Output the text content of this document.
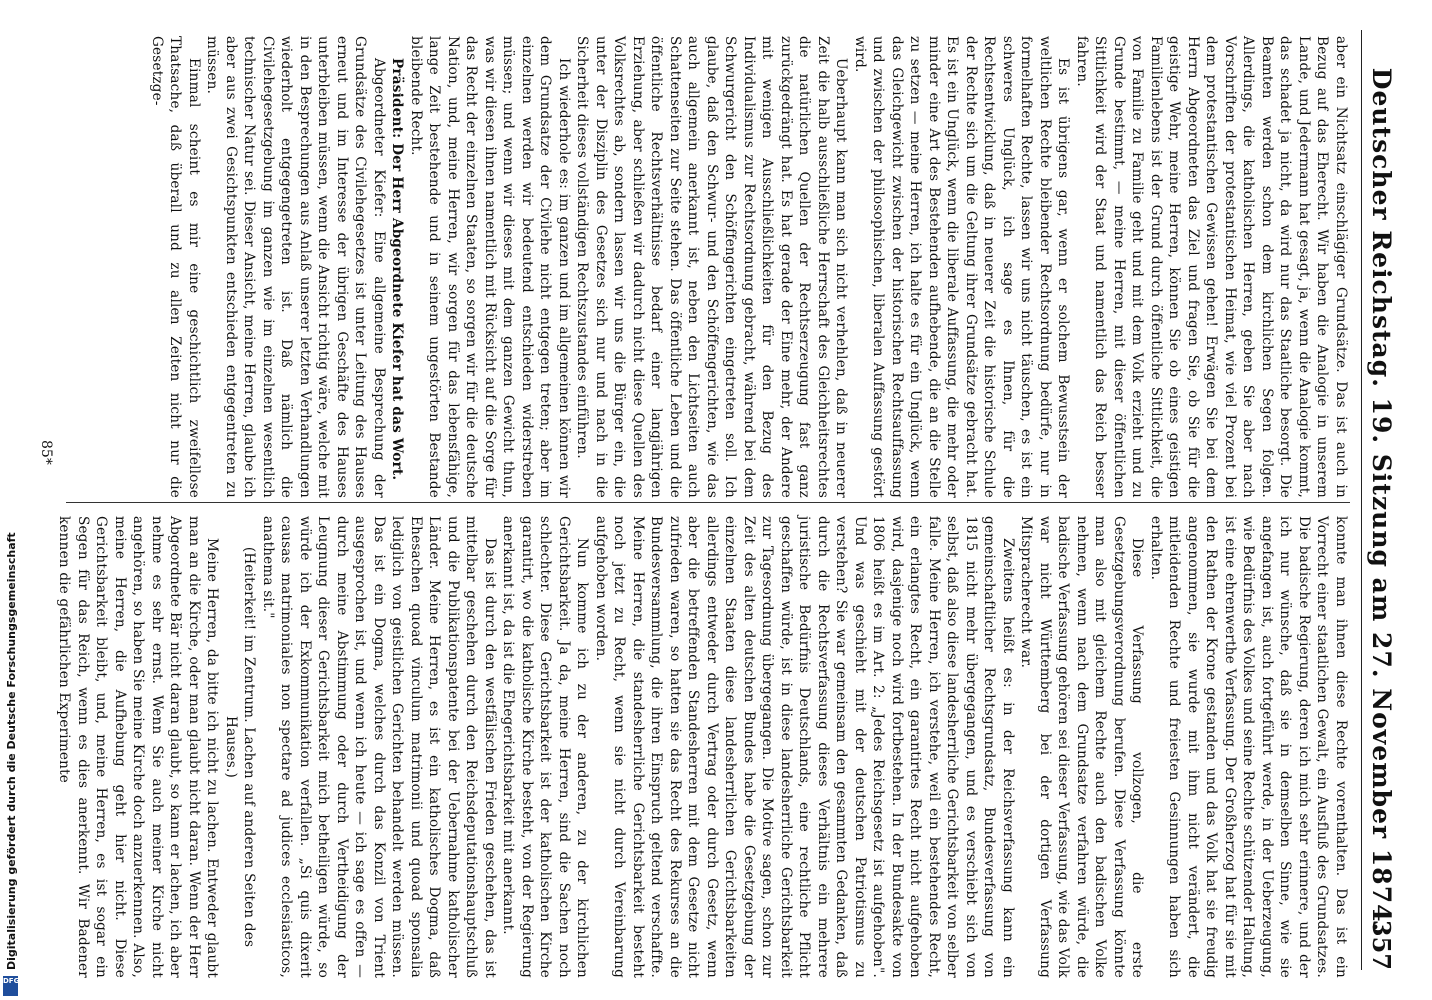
Deutscher Reichstag. 19. Sitzung am 27. November 1874.
357

aber ein Nichtsatz einschlägiger Grundsätze. Das ist auch in Bezug auf das Eherecht. Wir haben die Analogie in unserem Lande, und Jedermann hat gesagt, ja, wenn die Analogie kommt, das schadet ja nicht, da wird nur das Staatliche besorgt. Die Beamten werden schon dem kirchlichen Segen folgen. Allerdings, die katholischen Herren, geben Sie aber nach Vorschriften der protestantischen Heimat, wie viel Prozent bei dem protestantischen Gewissen gehen! Erwägen Sie bei dem Herrn Abgeordneten das Ziel und fragen Sie, ob Sie für die geistige Wehr, meine Herren, können Sie ob eines geistigen Familienlebens ist der Grund durch öffentliche Sittlichkeit, die von Familie zu Familie geht und mit dem Volk erzieht und zu Grunde bestimmt, — meine Herren, mit dieser öffentlichen Sittlichkeit wird der Staat und namentlich das Reich besser fahren.

Es ist übrigens gar, wenn er solchem Bewusstsein der weltlichen Rechte bleibender Rechtsordnung bedürfe, nur in formelhaften Rechte, lassen wir uns nicht täuschen, es ist ein schweres Unglück, ich sage es Ihnen, für die Rechtsentwicklung, daß in neuerer Zeit die historische Schule der Rechte sich um die Geltung ihrer Grundsätze gebracht hat. Es ist ein Unglück, wenn die liberale Auffassung, die mehr oder minder eine Art des Bestehenden aufhebende, die an die Stelle zu setzen — meine Herren, ich halte es für ein Unglück, wenn das Gleichgewicht zwischen der historischen Rechtsauffassung und zwischen der philosophischen, liberalen Auffassung gestört wird.

Ueberhaupt kann man sich nicht verhehlen, daß in neuerer Zeit die halb ausschließliche Herrschaft des Gleichheitsrechtes die natürlichen Quellen der Rechtserzeugung fast ganz zurückgedrängt hat. Es hat gerade der Eine mehr, der Andere mit wenigen Ausschließlichkeiten für den Bezug des Individualismus zur Rechtsordnung gebracht, während bei dem Schwurgericht den Schöffengerichten eingetreten soll. Ich glaube, daß den Schwur- und den Schöffengerichten, wie das auch allgemein anerkannt ist, neben den Lichtseiten auch Schattenseiten zur Seite stehen. Das öffentliche Leben und die öffentliche Rechtsverhältnisse bedarf einer langjährigen Erziehung, aber schließen wir dadurch nicht diese Quellen des Volksrechtes ab, sondern lassen wir uns die Bürger ein, die unter der Disziplin des Gesetzes sich nur und nach in die Sicherheit dieses vollständigen Rechtszustandes einführen.

Ich wiederhole es: im ganzen und im allgemeinen können wir dem Grundsatze der Civilehe nicht entgegen treten; aber im einzelnen werden wir bedeutend entschieden widerstreben müssen; und wenn wir dieses mit dem ganzen Gewicht thun, was wir diesen ihnen namentlich mit Rücksicht auf die Sorge für das Recht der einzelnen Staaten, so sorgen wir für die deutsche Nation, und, meine Herren, wir sorgen für das lebensfähige, lange Zeit bestehende und in seinem ungestörten Bestande bleibende Recht.

Präsident: Der Herr Abgeordnete Kiefer hat das Wort.

Abgeordneter Kiefer: Eine allgemeine Besprechung der Grundsätze des Civilehegesetzes ist unter Leitung des Hauses erneut und im Interesse der übrigen Geschäfte des Hauses unterbleiben müssen, wenn die Ansicht richtig wäre, welche mit in den Besprechungen aus Anlaß unserer letzten Verhandlungen wiederholt entgegengetreten ist. Daß nämlich die Civilehegesetzgebung im ganzen wie im einzelnen wesentlich technischer Natur sei. Dieser Ansicht, meine Herren, glaube ich aber aus zwei Gesichtspunkten entschieden entgegentreten zu müssen.

Einmal scheint es mir eine geschichtlich zweifellose Thatsache, daß überall und zu allen Zeiten nicht nur die Gesetzge-

konnte man ihnen diese Rechte vorenthalten. Das ist ein Vorrecht einer staatlichen Gewalt, ein Ausfluß des Grundsatzes. Die badische Regierung, deren ich mich sehr erinnere, und der ich nur wünsche, daß sie in demselben Sinne, wie sie angefangen ist, auch fortgeführt werde, in der Ueberzeugung, wie Bedürfnis des Volkes und seine Rechte schützender Haltung, ist eine ehrenwerthe Verfassung. Der Großherzog hat für sie mit den Rathen der Krone gestanden und das Volk hat sie freudig angenommen, sie wurde mit ihm nicht verändert, die mitleidenden Rechte und freiesten Gesinnungen haben sich erhalten.

Diese Verfassung vollzogen, die erste Gesetzgebungsverordnung berufen. Diese Verfassung könnte man also mit gleichem Rechte auch den badischen Volke nehmen, wenn nach dem Grundsatze verfahren würde, die badische Verfassung gehören sei dieser Verfassung, wie das Volk war nicht Württemberg bei der dortigen Verfassung Mitspracherecht war.

Zweitens heißt es: in der Reichsverfassung kann ein gemeinschaftlicher Rechtsgrundsatz, Bundesverfassung von 1815 nicht mehr übergegangen, und es verschiebt sich von selbst, daß also diese landesherrliche Gerichtsbarkeit von selber falle. Meine Herren, ich verstehe, weil ein bestehendes Recht, ein erlangtes Recht, ein garantirtes Recht nicht aufgehoben wird, dasjenige noch wird fortbestehen. In der Bundesakte von 1806 heißt es im Art. 2: „Jedes Reichsgesetz ist aufgehoben". Und was geschieht mit der deutschen Patriotismus zu verstehen? Sie war gemeinsam den gesammten Gedanken, daß durch die Rechtsverfassung dieses Verhältnis ein mehrere juristische Bedürfnis Deutschlands, eine rechtliche Pflicht geschaffen würde, ist in diese landesherrliche Gerichtsbarkeit zur Tagesordnung übergegangen. Die Motive sagen, schon zur Zeit des alten deutschen Bundes habe die Gesetzgebung der einzelnen Staaten diese landesherrlichen Gerichtsbarkeiten allerdings entweder durch Vertrag oder durch Gesetz, wenn aber die betreffenden Standesherren mit dem Gesetze nicht zufrieden waren, so hatten sie das Recht des Rekurses an die Bundesversammlung, die ihren Einspruch geltend verschaffte. Meine Herren, die standesherrliche Gerichtsbarkeit besteht noch jetzt zu Recht, wenn sie nicht durch Vereinbarung aufgehoben worden.

Nun komme ich zu der anderen, zu der kirchlichen Gerichtsbarkeit. Ja da, meine Herren, sind die Sachen noch schlechter. Diese Gerichtsbarkeit ist der katholischen Kirche garantirt, wo die katholische Kirche besteht, von der Regierung anerkannt ist, da ist die Ehegerichtsbarkeit mit anerkannt.

Das ist durch den westfälischen Frieden geschehen, das ist mittelbar geschehen durch den Reichsdeputationshauptschluß und die Publikationspatente bei der Uebernahme katholischer Länder. Meine Herren, es ist ein katholisches Dogma, daß Ehesachen quoad vinculum matrimonii und quoad sponsalia lediglich von geistlichen Gerichten behandelt werden müssen. Das ist ein Dogma, welches durch das Konzil von Trient ausgesprochen ist, und wenn ich heute — ich sage es offen — durch meine Abstimmung oder durch Vertheidigung der Leugnung dieser Gerichtsbarkeit mich betheiligen würde, so würde ich der Exkommunikation verfallen. „Si quis dixerit causas matrimoniales non spectare ad judices ecclesiasticos, anathema sit."

(Heiterkeit! im Zentrum. Lachen auf anderen Seiten des Hauses.)

Meine Herren, da bitte ich nicht zu lachen. Entweder glaubt man an die Kirche, oder man glaubt nicht daran. Wenn der Herr Abgeordnete Bär nicht daran glaubt, so kann er lachen, ich aber nehme es sehr ernst. Wenn Sie auch meiner Kirche nicht angehören, so haben Sie meine Kirche doch anzuerkennen. Also, meine Herren, die Aufhebung geht hier nicht. Diese Gerichtsbarkeit bleibt, und, meine Herren, es ist sogar ein Segen für das Reich, wenn es dies anerkennt. Wir Badener kennen die gefährlichen Experimente

85*
Digitalisierung gefördert durch die Deutsche Forschungsgemeinschaft
DFG
